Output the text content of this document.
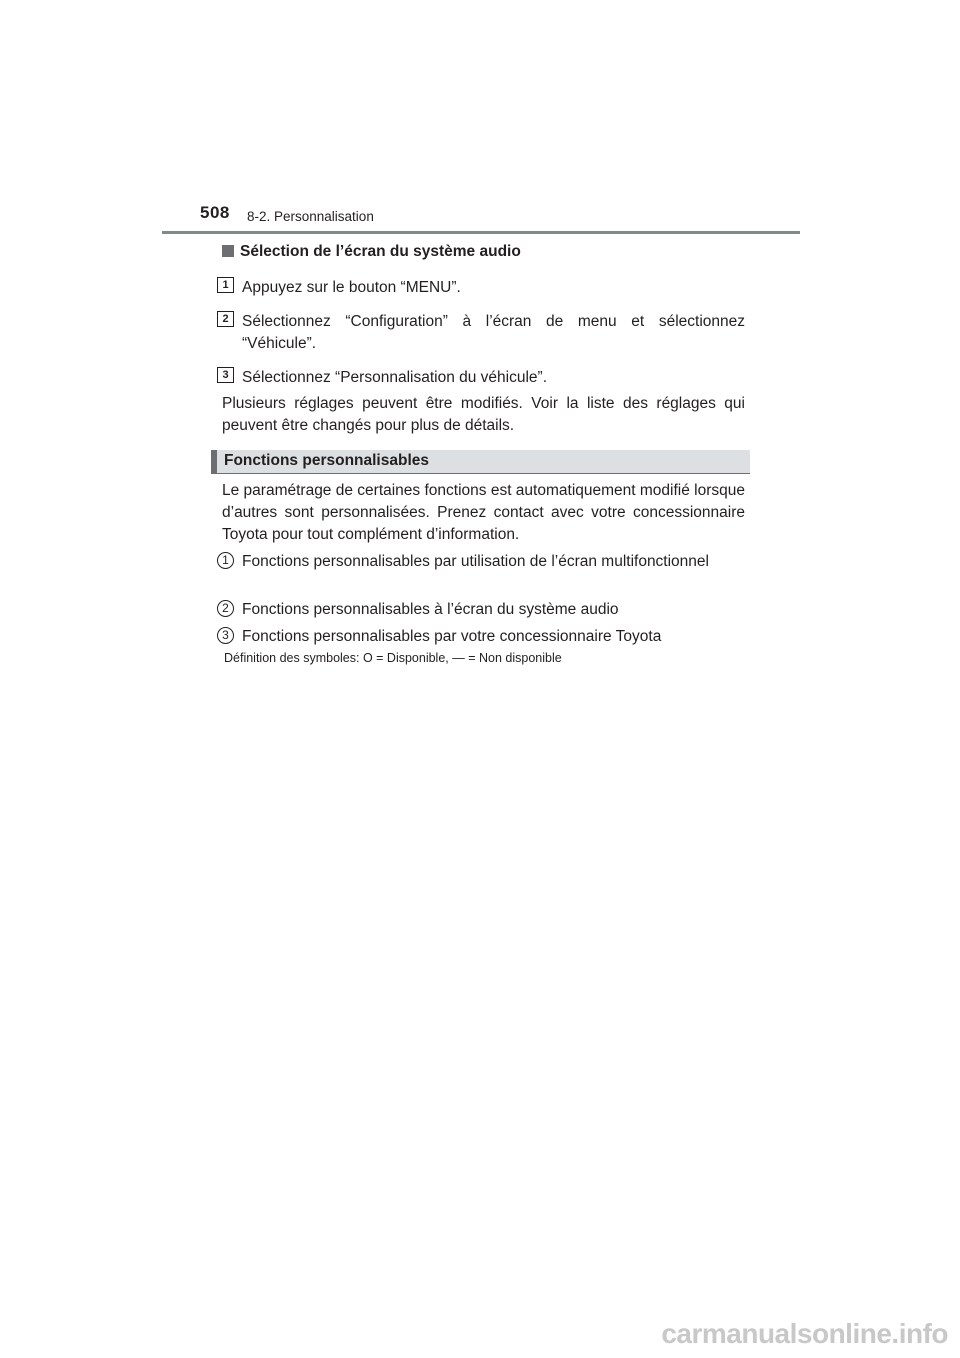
508 8-2. Personnalisation
Sélection de l’écran du système audio
1 Appuyez sur le bouton “MENU”.
2 Sélectionnez “Configuration” à l’écran de menu et sélectionnez “Véhicule”.
3 Sélectionnez “Personnalisation du véhicule”.
Plusieurs réglages peuvent être modifiés. Voir la liste des réglages qui peuvent être changés pour plus de détails.
Fonctions personnalisables
Le paramétrage de certaines fonctions est automatiquement modifié lorsque d’autres sont personnalisées. Prenez contact avec votre concessionnaire Toyota pour tout complément d’information.
1 Fonctions personnalisables par utilisation de l’écran multifonctionnel
2 Fonctions personnalisables à l’écran du système audio
3 Fonctions personnalisables par votre concessionnaire Toyota
Définition des symboles: O = Disponible, — = Non disponible
carmanualsonline.info
